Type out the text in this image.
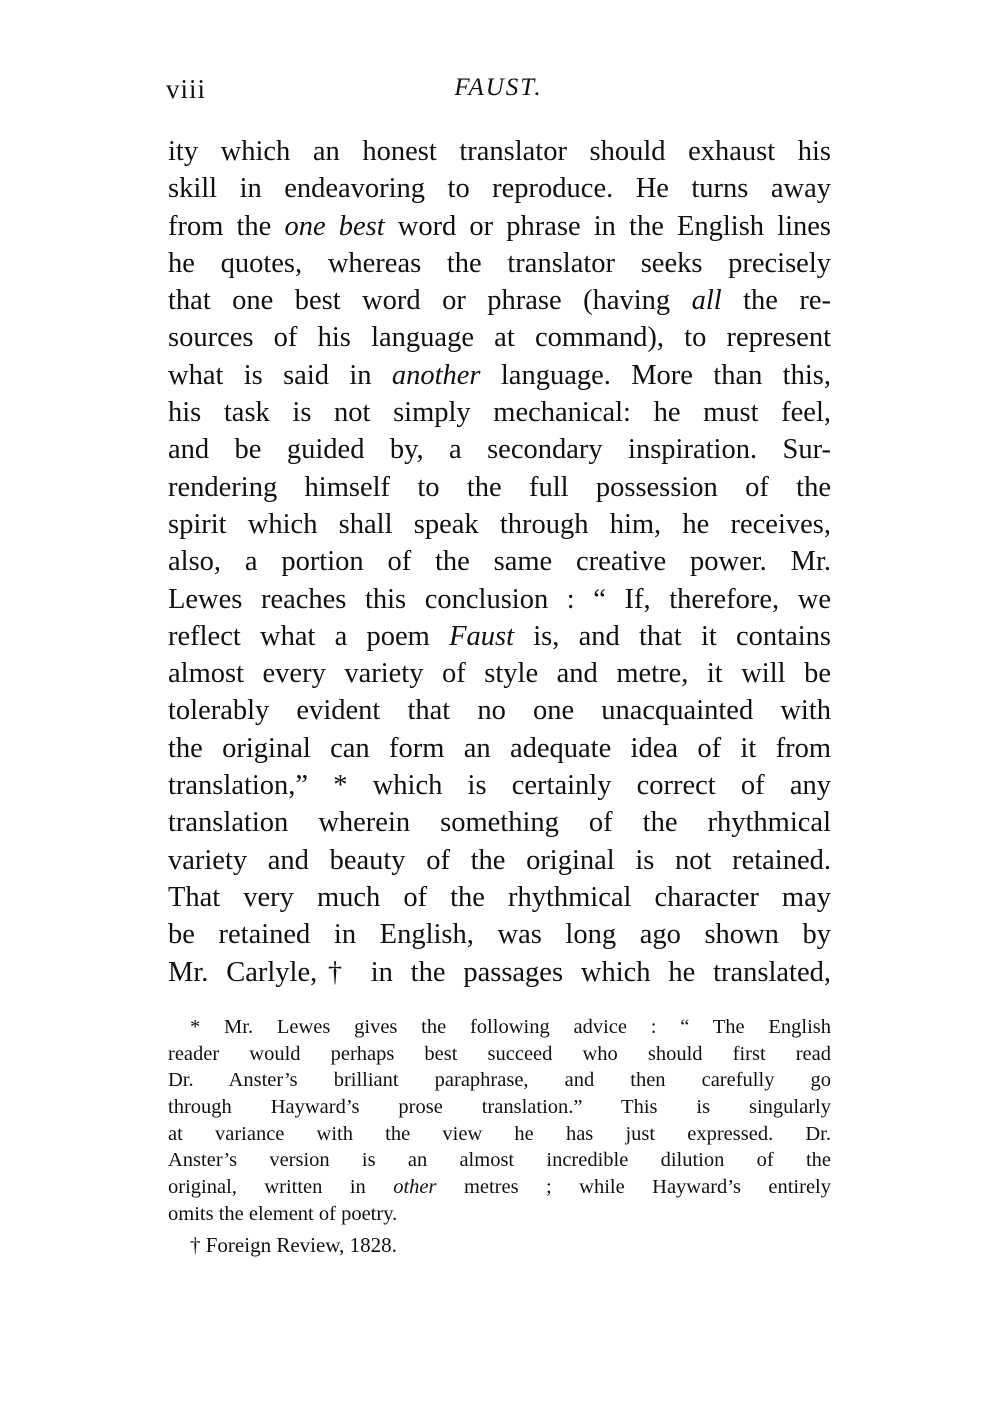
viii	FAUST.
ity which an honest translator should exhaust his
skill in endeavoring to reproduce. He turns away
from the one best word or phrase in the English lines
he quotes, whereas the translator seeks precisely
that one best word or phrase (having all the re-
sources of his language at command), to represent
what is said in another language. More than this,
his task is not simply mechanical: he must feel,
and be guided by, a secondary inspiration. Sur-
rendering himself to the full possession of the
spirit which shall speak through him, he receives,
also, a portion of the same creative power. Mr.
Lewes reaches this conclusion : “ If, therefore, we
reflect what a poem Faust is, and that it contains
almost every variety of style and metre, it will be
tolerably evident that no one unacquainted with
the original can form an adequate idea of it from
translation,” * which is certainly correct of any
translation wherein something of the rhythmical
variety and beauty of the original is not retained.
That very much of the rhythmical character may
be retained in English, was long ago shown by
Mr. Carlyle,† in the passages which he translated,
* Mr. Lewes gives the following advice : “ The English
reader would perhaps best succeed who should first read
Dr. Anster’s brilliant paraphrase, and then carefully go
through Hayward’s prose translation.” This is singularly
at variance with the view he has just expressed. Dr.
Anster’s version is an almost incredible dilution of the
original, written in other metres ; while Hayward’s entirely
omits the element of poetry.
† Foreign Review, 1828.
